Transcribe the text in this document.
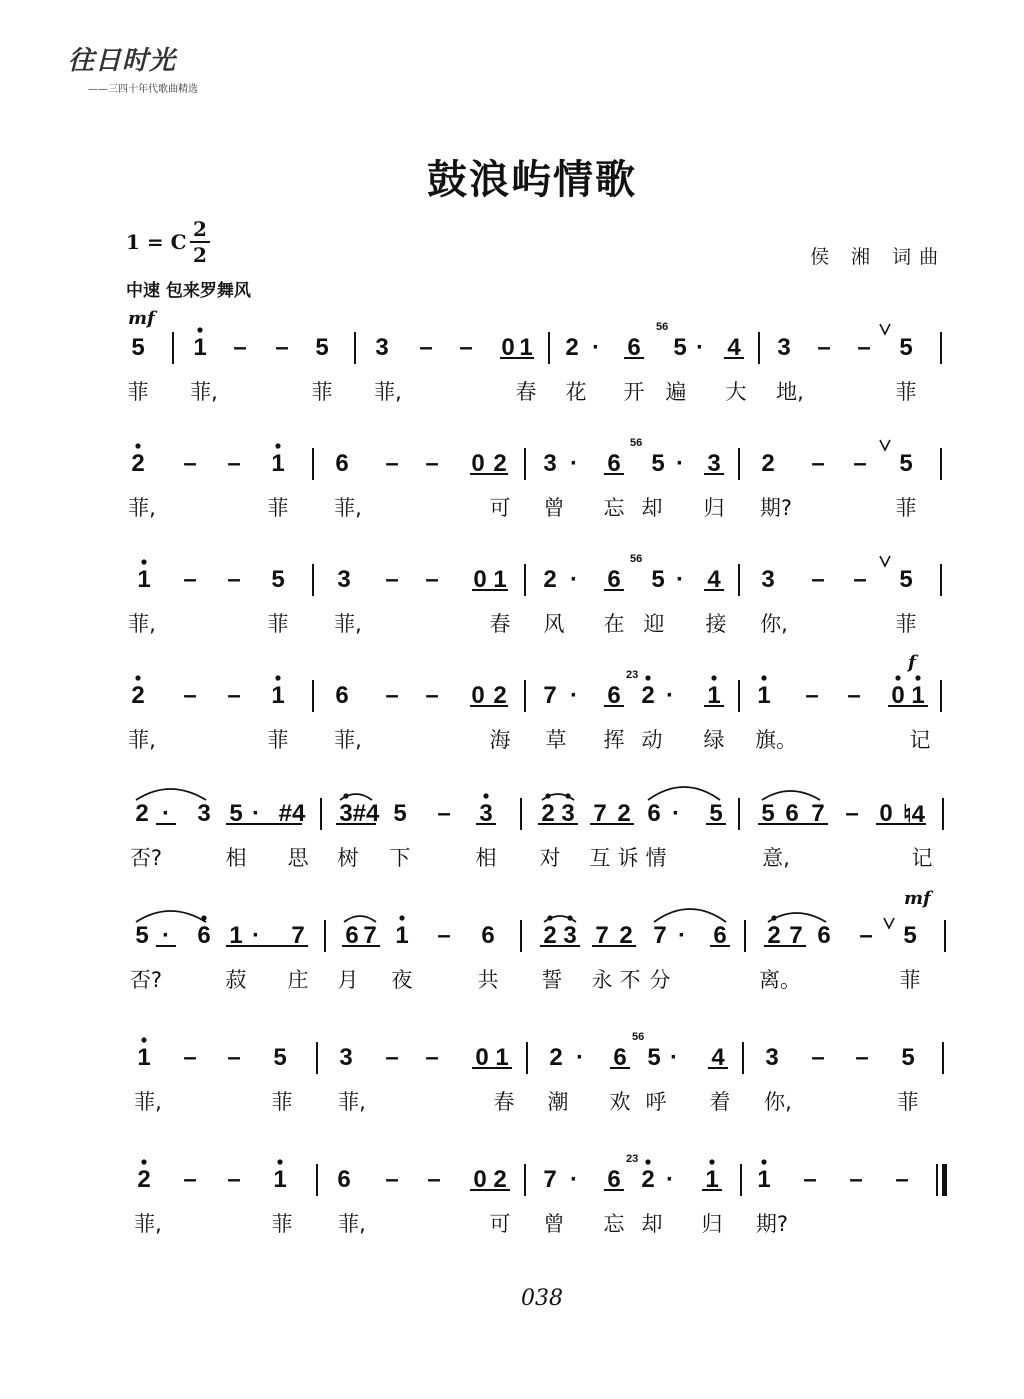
往日时光
——三四十年代歌曲精选
鼓浪屿情歌
1 = C
2
2	侯 湘 词曲
中速 包来罗舞风
mf
f
mf
5 1 – – 5 3 – – 0 1 2 · 6 5 · 4 3 – – 5
菲 菲,	菲 菲,	春 花 开 遍 大 地,	菲
2 – – 1 6 – – 0 2 3 · 6 5 · 3 2 – – 5
菲,	菲 菲,	可 曾 忘 却 归 期?	菲
1 – – 5 3 – – 0 1 2 · 6 5 · 4 3 – – 5
菲,	菲 菲,	春 风 在 迎 接 你,	菲
2 – – 1 6 – – 0 2 7 · 6 2 · 1 1 – – 0 1
菲,	菲 菲,	海 草 挥 动 绿 旗。	记
2 · 3 5 · #4 3 #4 5 – 3 2 3 7 2 6 · 5 5 6 7 – 0 ♮4
否?	相 思 树 下	相 对 互 诉 情	意,	记
5 · 6 1 · 7 6 7 1 – 6 2 3 7 2 7 · 6 2 7 6 – 5
否?	菽 庄 月 夜	共 誓 永 不 分	离。	菲
1 – – 5 3 – – 0 1 2 · 6 5 · 4 3 – – 5
菲,	菲 菲,	春 潮 欢 呼 着 你,	菲
2 – – 1 6 – – 0 2 7 · 6 2 · 1 1 – – –
菲,	菲 菲,	可 曾 忘 却 归 期?
56
56
56
23
56
23
038
